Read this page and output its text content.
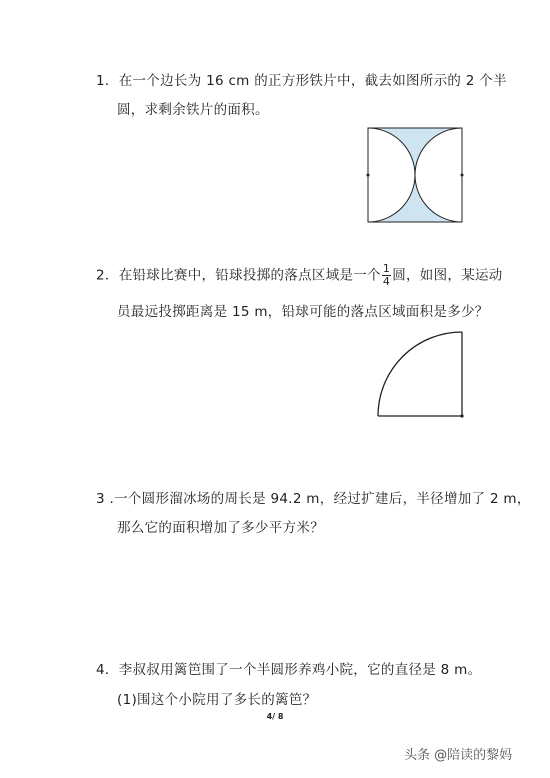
1．在一个边长为 16 cm 的正方形铁片中，截去如图所示的 2 个半
圆，求剩余铁片的面积。
2．在铅球比赛中，铅球投掷的落点区域是一个 $\frac{1}{4}$ 圆，如图，某运动
员最远投掷距离是 15 m，铅球可能的落点区域面积是多少？
3 .一个圆形溜冰场的周长是 94.2 m，经过扩建后，半径增加了 2 m，
那么它的面积增加了多少平方米？
4．李叔叔用篱笆围了一个半圆形养鸡小院，它的直径是 8 m。
(1)围这个小院用了多长的篱笆？
4/ 8
头条 @陪读的黎妈
